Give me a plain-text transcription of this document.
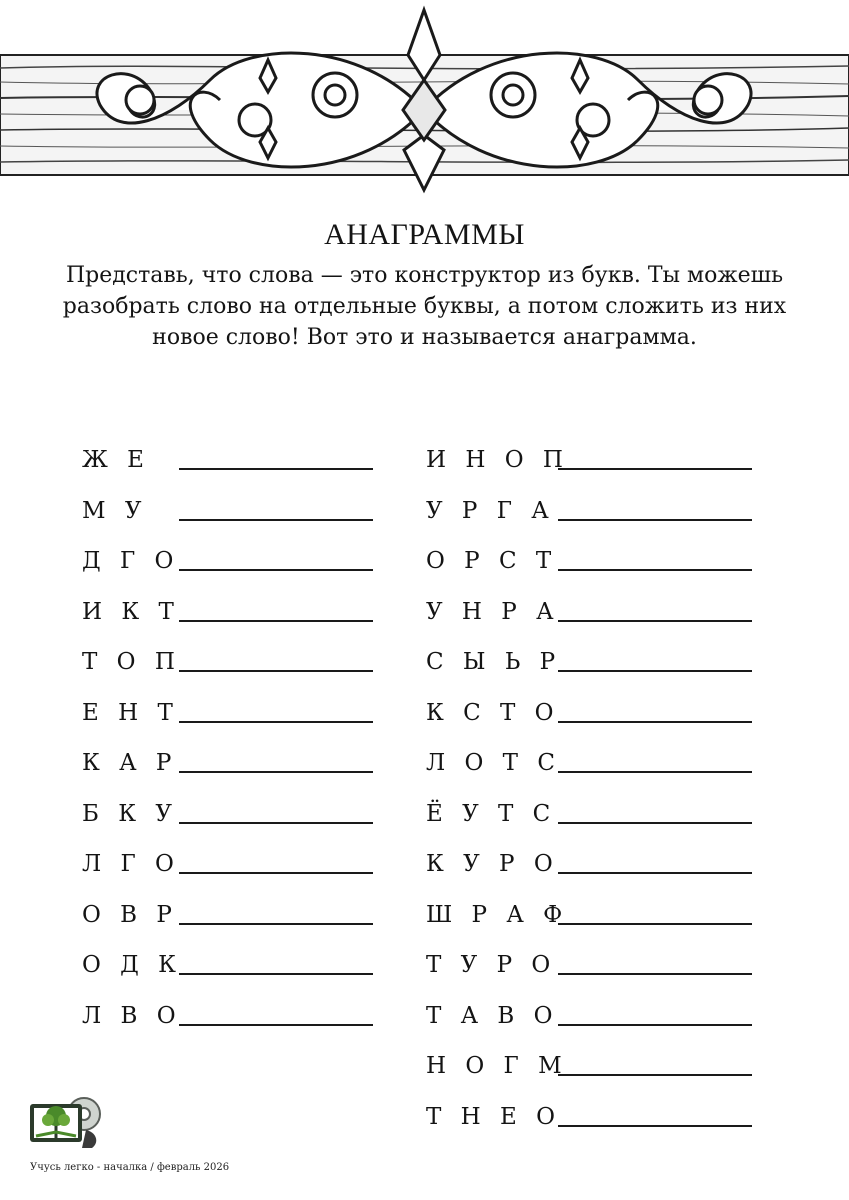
АНАГРАММЫ
Представь, что слова — это конструктор из букв. Ты можешь разобрать слово на отдельные буквы, а потом сложить из них новое слово! Вот это и называется анаграмма.
Ж Е
М У
Д Г О
И К Т
Т О П
Е Н Т
К А Р
Б К У
Л Г О
О В Р
О Д К
Л В О
И Н О П
У Р Г А
О Р С Т
У Н Р А
С Ы Ь Р
К С Т О
Л О Т С
Ё У Т С
К У Р О
Ш Р А Ф
Т У Р О
Т А В О
Н О Г М
Т Н Е О
Учусь легко - началка / февраль 2026
